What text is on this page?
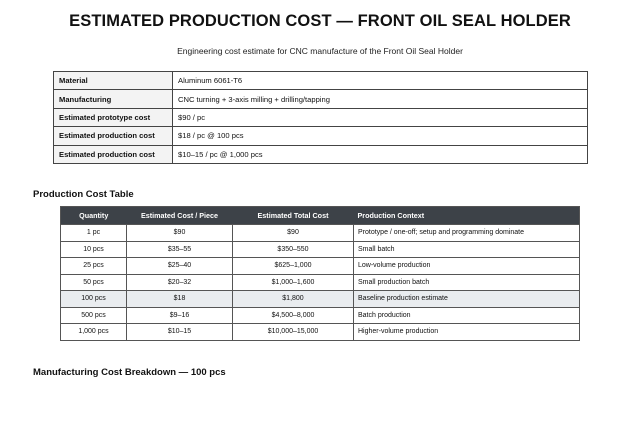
ESTIMATED PRODUCTION COST — FRONT OIL SEAL HOLDER
Engineering cost estimate for CNC manufacture of the Front Oil Seal Holder
Material	Aluminum 6061-T6
Manufacturing	CNC turning + 3-axis milling + drilling/tapping
Estimated prototype cost	$90 / pc
Estimated production cost	$18 / pc @ 100 pcs
Estimated production cost	$10–15 / pc @ 1,000 pcs
Production Cost Table
Quantity	Estimated Cost / Piece	Estimated Total Cost	Production Context
1 pc	$90	$90	Prototype / one-off; setup and programming dominate
10 pcs	$35–55	$350–550	Small batch
25 pcs	$25–40	$625–1,000	Low-volume production
50 pcs	$20–32	$1,000–1,600	Small production batch
100 pcs	$18	$1,800	Baseline production estimate
500 pcs	$9–16	$4,500–8,000	Batch production
1,000 pcs	$10–15	$10,000–15,000	Higher-volume production
Manufacturing Cost Breakdown — 100 pcs
